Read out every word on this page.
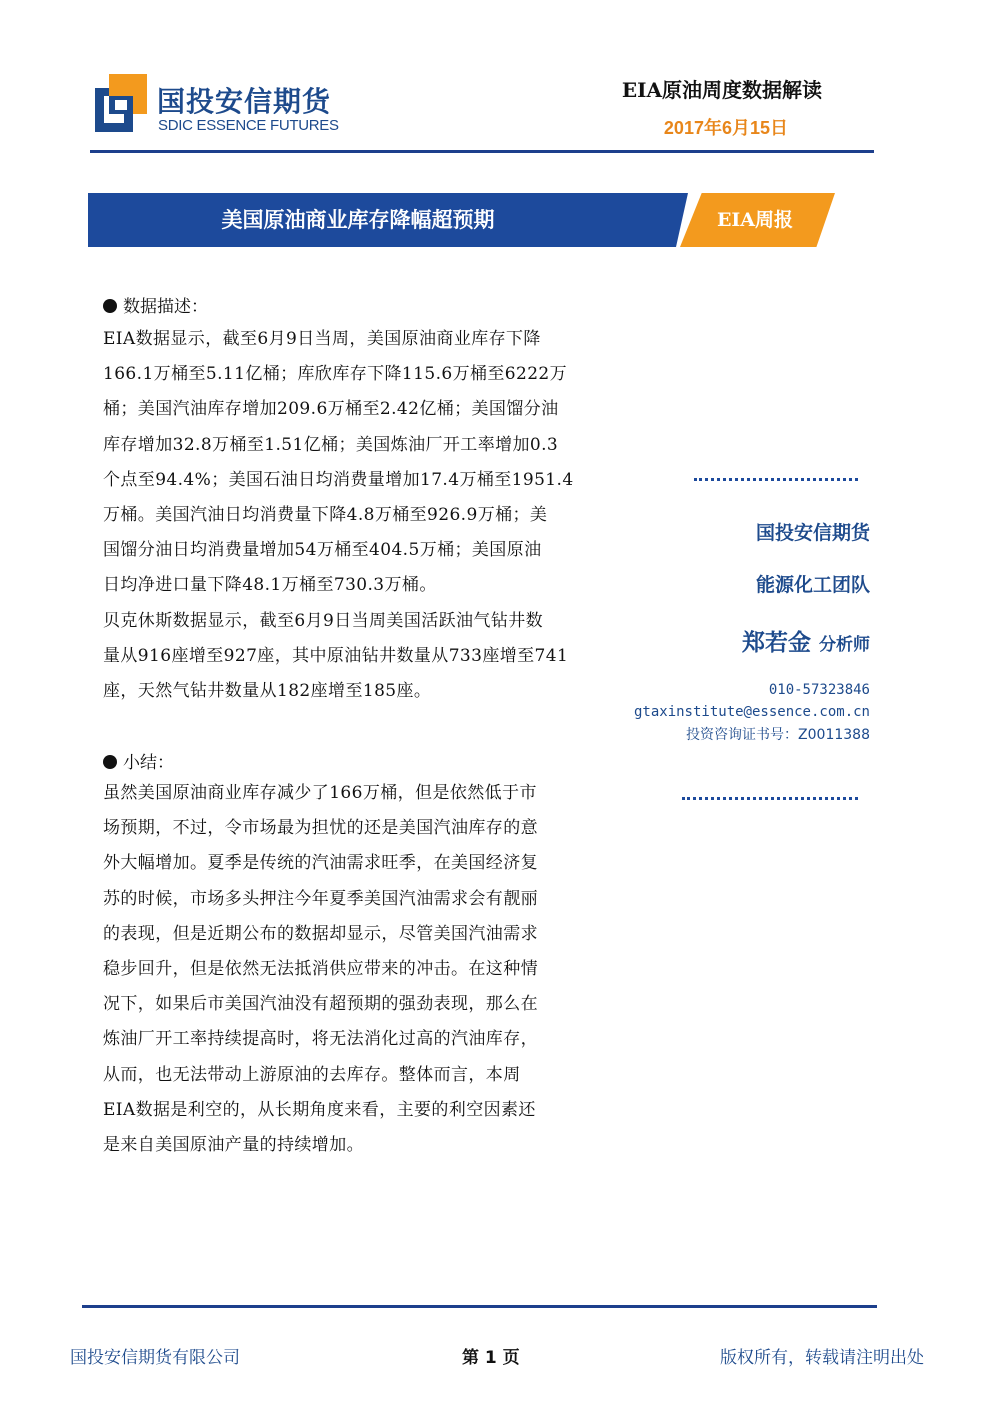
国投安信期货
SDIC ESSENCE FUTURES
EIA原油周度数据解读
2017年6月15日
美国原油商业库存降幅超预期	EIA周报
数据描述：
EIA数据显示，截至6月9日当周，美国原油商业库存下降
166.1万桶至5.11亿桶；库欣库存下降115.6万桶至6222万
桶；美国汽油库存增加209.6万桶至2.42亿桶；美国馏分油
库存增加32.8万桶至1.51亿桶；美国炼油厂开工率增加0.3
个点至94.4%；美国石油日均消费量增加17.4万桶至1951.4
万桶。美国汽油日均消费量下降4.8万桶至926.9万桶；美
国馏分油日均消费量增加54万桶至404.5万桶；美国原油
日均净进口量下降48.1万桶至730.3万桶。
贝克休斯数据显示，截至6月9日当周美国活跃油气钻井数
量从916座增至927座，其中原油钻井数量从733座增至741
座，天然气钻井数量从182座增至185座。
小结：
虽然美国原油商业库存减少了166万桶，但是依然低于市
场预期，不过，令市场最为担忧的还是美国汽油库存的意
外大幅增加。夏季是传统的汽油需求旺季，在美国经济复
苏的时候，市场多头押注今年夏季美国汽油需求会有靓丽
的表现，但是近期公布的数据却显示，尽管美国汽油需求
稳步回升，但是依然无法抵消供应带来的冲击。在这种情
况下，如果后市美国汽油没有超预期的强劲表现，那么在
炼油厂开工率持续提高时，将无法消化过高的汽油库存，
从而，也无法带动上游原油的去库存。整体而言，本周
EIA数据是利空的，从长期角度来看，主要的利空因素还
是来自美国原油产量的持续增加。
国投安信期货
能源化工团队
郑若金 分析师
010-57323846
gtaxinstitute@essence.com.cn
投资咨询证书号：Z0011388
国投安信期货有限公司	第 1 页	版权所有，转载请注明出处
